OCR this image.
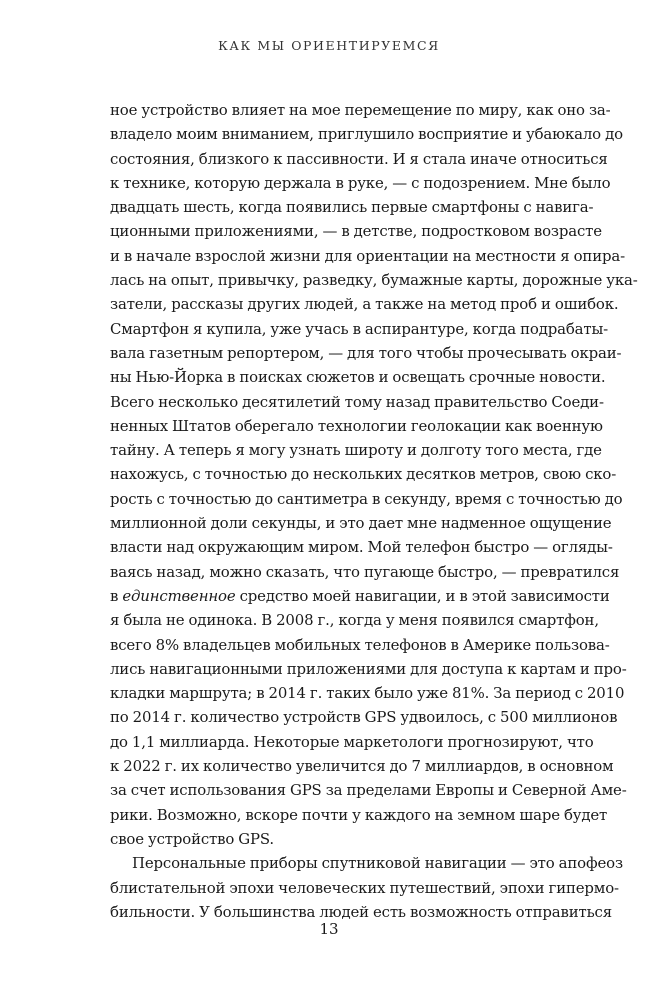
КАК МЫ ОРИЕНТИРУЕМСЯ
ное устройство влияет на мое перемещение по миру, как оно за-
владело моим вниманием, приглушило восприятие и убаюкало до
состояния, близкого к пассивности. И я стала иначе относиться
к технике, которую держала в руке, — с подозрением. Мне было
двадцать шесть, когда появились первые смартфоны с навига-
ционными приложениями, — в детстве, подростковом возрасте
и в начале взрослой жизни для ориентации на местности я опира-
лась на опыт, привычку, разведку, бумажные карты, дорожные ука-
затели, рассказы других людей, а также на метод проб и ошибок.
Смартфон я купила, уже учась в аспирантуре, когда подрабаты-
вала газетным репортером, — для того чтобы прочесывать окраи-
ны Нью-Йорка в поисках сюжетов и освещать срочные новости.
Всего несколько десятилетий тому назад правительство Соеди-
ненных Штатов оберегало технологии геолокации как военную
тайну. А теперь я могу узнать широту и долготу того места, где
нахожусь, с точностью до нескольких десятков метров, свою ско-
рость с точностью до сантиметра в секунду, время с точностью до
миллионной доли секунды, и это дает мне надменное ощущение
власти над окружающим миром. Мой телефон быстро — огляды-
ваясь назад, можно сказать, что пугающе быстро, — превратился
в единственное средство моей навигации, и в этой зависимости
я была не одинока. В 2008 г., когда у меня появился смартфон,
всего 8% владельцев мобильных телефонов в Америке пользова-
лись навигационными приложениями для доступа к картам и про-
кладки маршрута; в 2014 г. таких было уже 81%. За период с 2010
по 2014 г. количество устройств GPS удвоилось, с 500 миллионов
до 1,1 миллиарда. Некоторые маркетологи прогнозируют, что
к 2022 г. их количество увеличится до 7 миллиардов, в основном
за счет использования GPS за пределами Европы и Северной Аме-
рики. Возможно, вскоре почти у каждого на земном шаре будет
свое устройство GPS.
Персональные приборы спутниковой навигации — это апофеоз
блистательной эпохи человеческих путешествий, эпохи гипермо-
бильности. У большинства людей есть возможность отправиться
13
